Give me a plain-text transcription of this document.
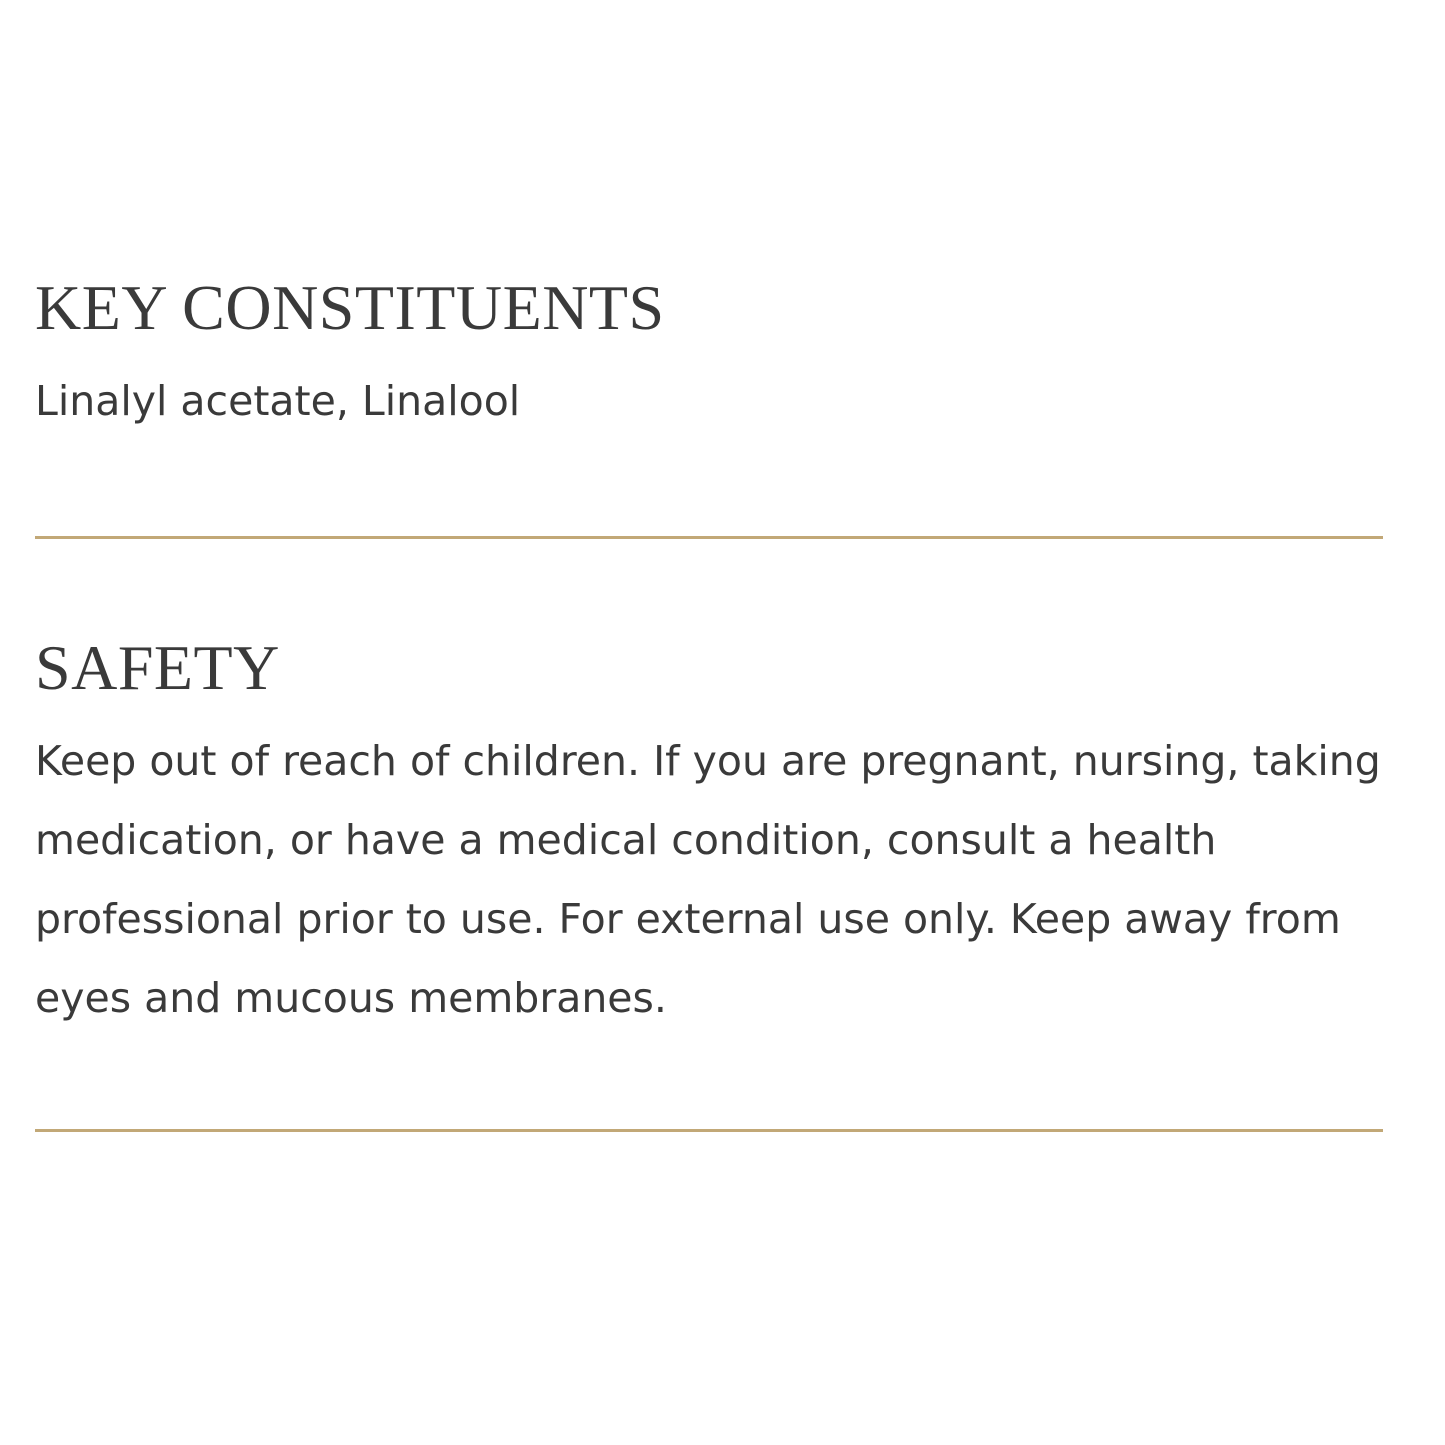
KEY CONSTITUENTS

Linalyl acetate, Linalool

SAFETY

Keep out of reach of children. If you are pregnant, nursing, taking medication, or have a medical condition, consult a health professional prior to use. For external use only. Keep away from eyes and mucous membranes.
